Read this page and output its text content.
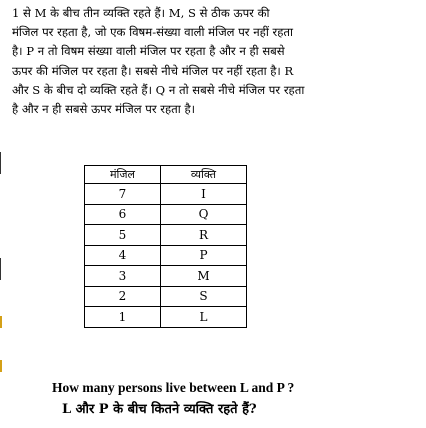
1 से M के बीच तीन व्यक्ति रहते हैं। M, S से ठीक ऊपर की
मंजिल पर रहता है, जो एक विषम-संख्या वाली मंजिल पर नहीं रहता
है। P न तो विषम संख्या वाली मंजिल पर रहता है और न ही सबसे
ऊपर की मंजिल पर रहता है। सबसे नीचे मंजिल पर नहीं रहता है। R
और S के बीच दो व्यक्ति रहते हैं। Q न तो सबसे नीचे मंजिल पर रहता
है और न ही सबसे ऊपर मंजिल पर रहता है।
मंजिल	व्यक्ति
7	I
6	Q
5	R
4	P
3	M
2	S
1	L
How many persons live between L and P ?
L और P के बीच कितने व्यक्ति रहते हैं?
